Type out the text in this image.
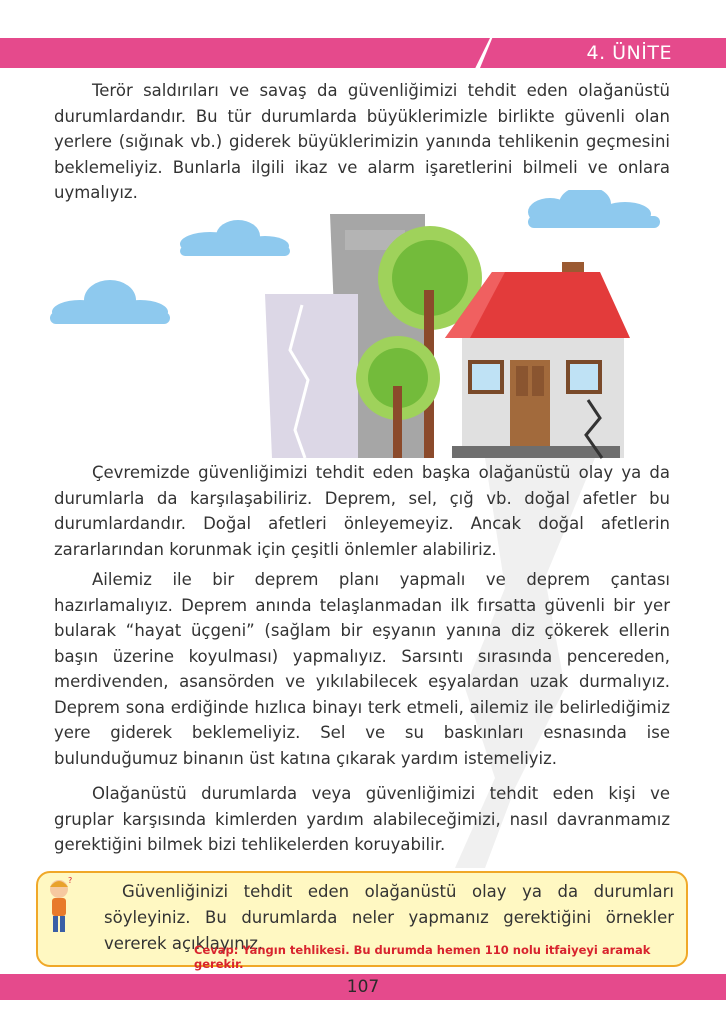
4. ÜNİTE

Terör saldırıları ve savaş da güvenliğimizi tehdit eden olağanüstü durumlardandır. Bu tür durumlarda büyüklerimizle birlikte güvenli olan yerlere (sığınak vb.) giderek büyüklerimizin yanında tehlikenin geçmesini beklemeliyiz. Bunlarla ilgili ikaz ve alarm işaretlerini bilmeli ve onlara uymalıyız.

Çevremizde güvenliğimizi tehdit eden başka olağanüstü olay ya da durumlarla da karşılaşabiliriz. Deprem, sel, çığ vb. doğal afetler bu durumlardandır. Doğal afetleri önleyemeyiz. Ancak doğal afetlerin zararlarından korunmak için çeşitli önlemler alabiliriz.

Ailemiz ile bir deprem planı yapmalı ve deprem çantası hazırlamalıyız. Deprem anında telaşlanmadan ilk fırsatta güvenli bir yer bularak “hayat üçgeni” (sağlam bir eşyanın yanına diz çökerek ellerin başın üzerine koyulması) yapmalıyız. Sarsıntı sırasında pencereden, merdivenden, asansörden ve yıkılabilecek eşyalardan uzak durmalıyız. Deprem sona erdiğinde hızlıca binayı terk etmeli, ailemiz ile belirlediğimiz yere giderek beklemeliyiz. Sel ve su baskınları esnasında ise bulunduğumuz binanın üst katına çıkarak yardım istemeliyiz.

Olağanüstü durumlarda veya güvenliğimizi tehdit eden kişi ve gruplar karşısında kimlerden yardım alabileceğimizi, nasıl davranmamız gerektiğini bilmek bizi tehlikelerden koruyabilir.

?

Güvenliğinizi tehdit eden olağanüstü olay ya da durumları söyleyiniz. Bu durumlarda neler yapmanız gerektiğini örnekler vererek açıklayınız.

Cevap: Yangın tehlikesi. Bu durumda hemen 110 nolu itfaiyeyi aramak gerekir.
107
